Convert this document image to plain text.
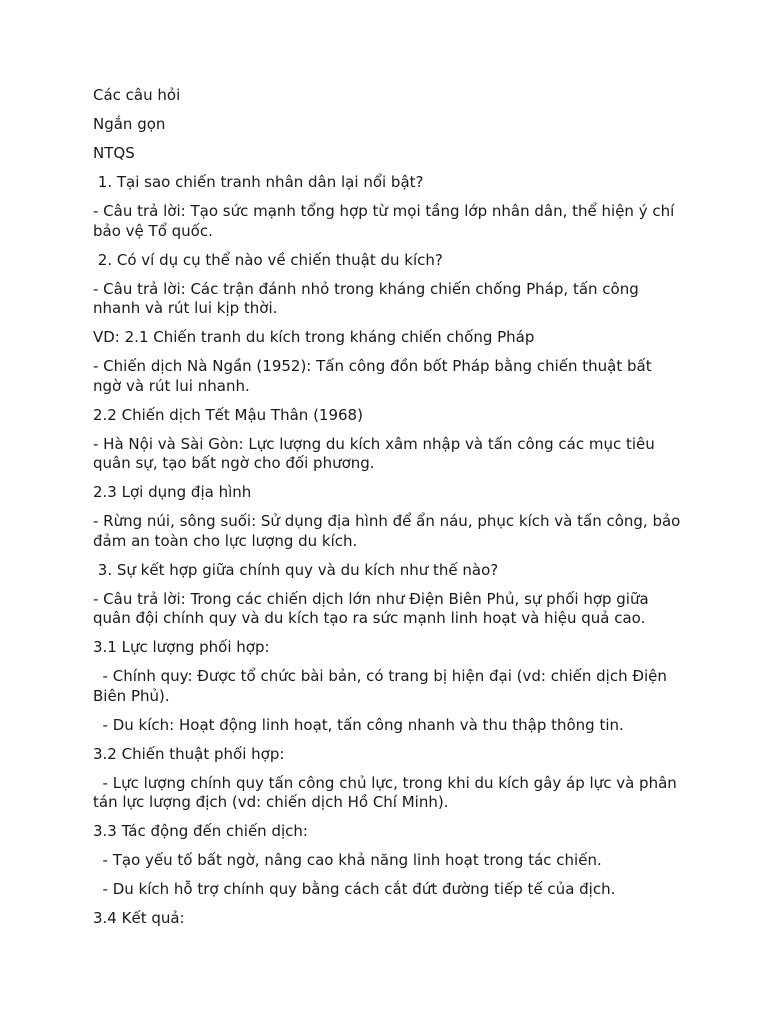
Các câu hỏi

Ngắn gọn

NTQS

1. Tại sao chiến tranh nhân dân lại nổi bật?

- Câu trả lời: Tạo sức mạnh tổng hợp từ mọi tầng lớp nhân dân, thể hiện ý chí bảo vệ Tổ quốc.

2. Có ví dụ cụ thể nào về chiến thuật du kích?

- Câu trả lời: Các trận đánh nhỏ trong kháng chiến chống Pháp, tấn công nhanh và rút lui kịp thời.

VD: 2.1 Chiến tranh du kích trong kháng chiến chống Pháp

- Chiến dịch Nà Ngần (1952): Tấn công đồn bốt Pháp bằng chiến thuật bất ngờ và rút lui nhanh.

2.2 Chiến dịch Tết Mậu Thân (1968)

- Hà Nội và Sài Gòn: Lực lượng du kích xâm nhập và tấn công các mục tiêu quân sự, tạo bất ngờ cho đối phương.

2.3 Lợi dụng địa hình

- Rừng núi, sông suối: Sử dụng địa hình để ẩn náu, phục kích và tấn công, bảo đảm an toàn cho lực lượng du kích.

3. Sự kết hợp giữa chính quy và du kích như thế nào?

- Câu trả lời: Trong các chiến dịch lớn như Điện Biên Phủ, sự phối hợp giữa quân đội chính quy và du kích tạo ra sức mạnh linh hoạt và hiệu quả cao.

3.1 Lực lượng phối hợp:

- Chính quy: Được tổ chức bài bản, có trang bị hiện đại (vd: chiến dịch Điện Biên Phủ).

- Du kích: Hoạt động linh hoạt, tấn công nhanh và thu thập thông tin.

3.2 Chiến thuật phối hợp:

- Lực lượng chính quy tấn công chủ lực, trong khi du kích gây áp lực và phân tán lực lượng địch (vd: chiến dịch Hồ Chí Minh).

3.3 Tác động đến chiến dịch:

- Tạo yếu tố bất ngờ, nâng cao khả năng linh hoạt trong tác chiến.

- Du kích hỗ trợ chính quy bằng cách cắt đứt đường tiếp tế của địch.

3.4 Kết quả:
